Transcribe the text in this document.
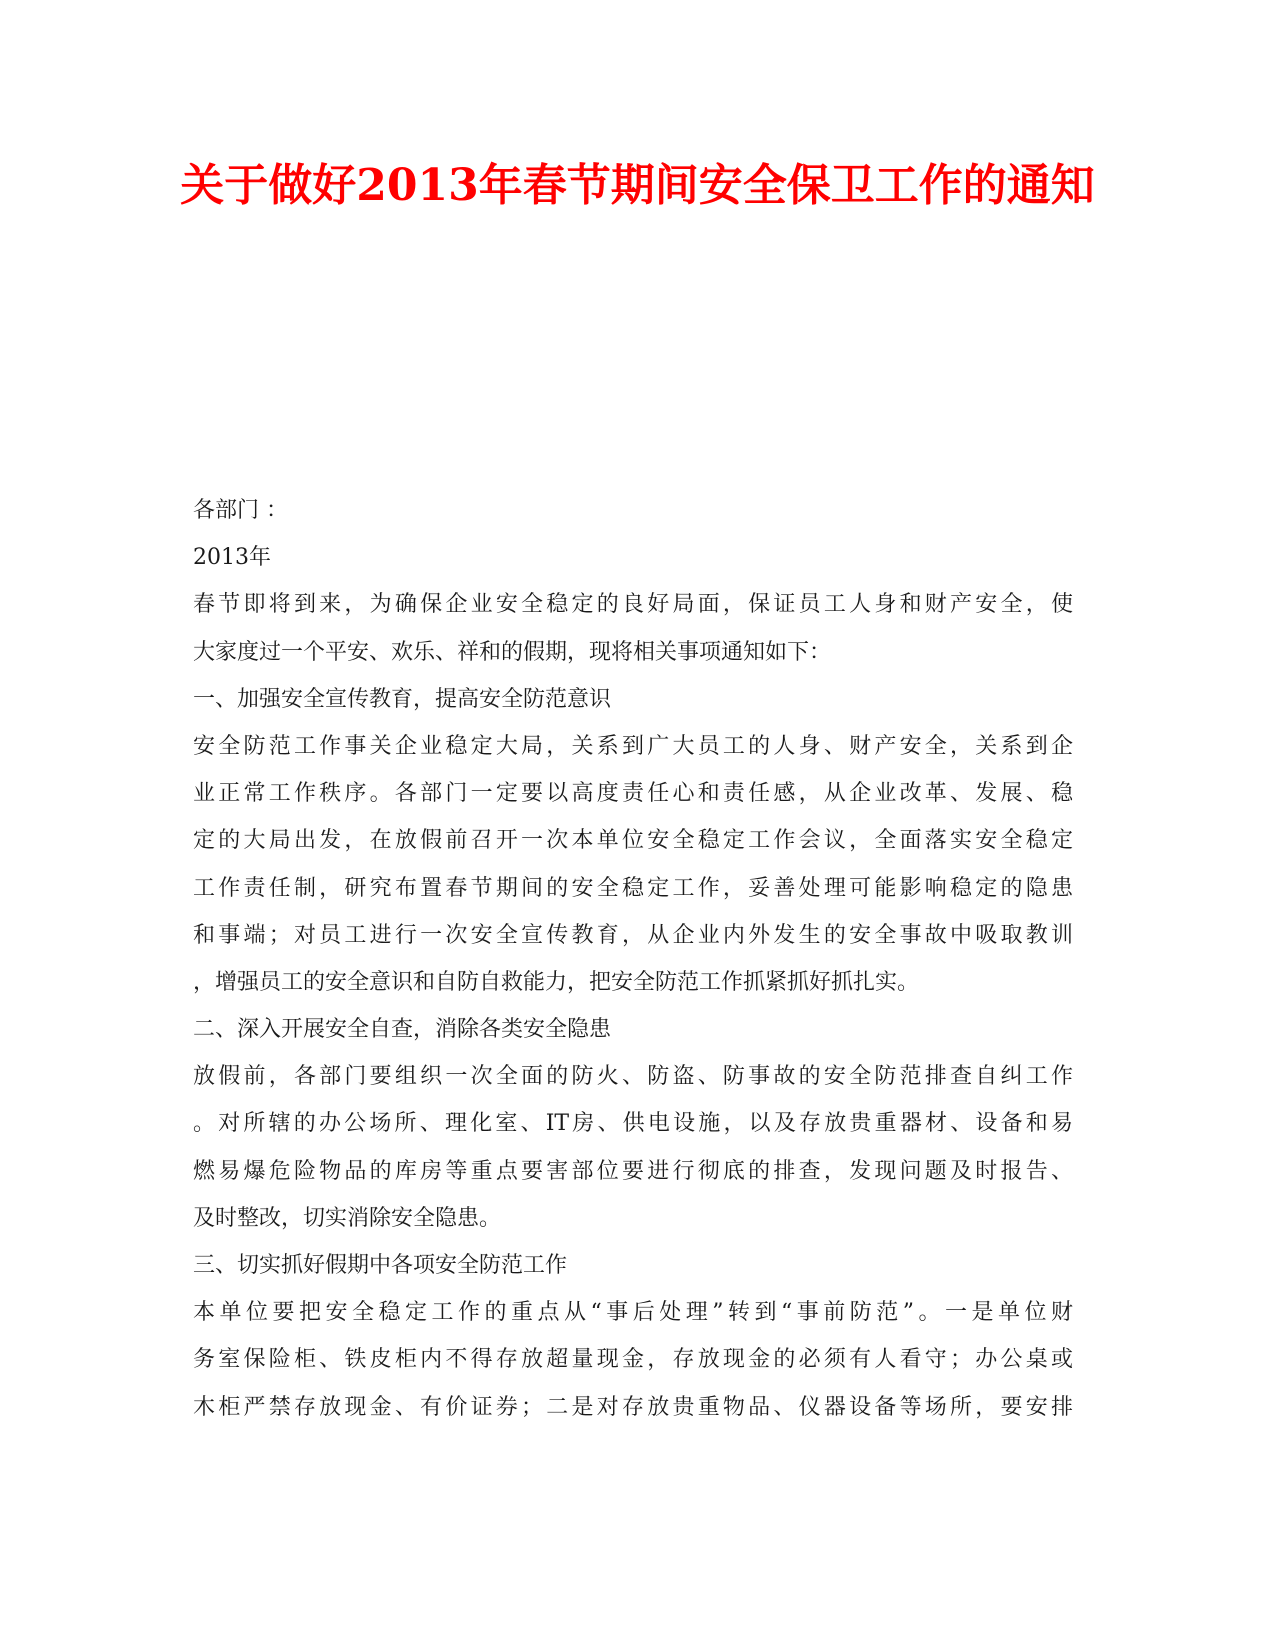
关于做好2013年春节期间安全保卫工作的通知
各部门 ：
2013年
春节即将到来，为确保企业安全稳定的良好局面，保证员工人身和财产安全，使
大家度过一个平安、欢乐、祥和的假期，现将相关事项通知如下：
一、加强安全宣传教育，提高安全防范意识
安全防范工作事关企业稳定大局，关系到广大员工的人身、财产安全，关系到企
业正常工作秩序。各部门一定要以高度责任心和责任感，从企业改革、发展、稳
定的大局出发，在放假前召开一次本单位安全稳定工作会议，全面落实安全稳定
工作责任制，研究布置春节期间的安全稳定工作，妥善处理可能影响稳定的隐患
和事端；对员工进行一次安全宣传教育，从企业内外发生的安全事故中吸取教训
，增强员工的安全意识和自防自救能力，把安全防范工作抓紧抓好抓扎实。
二、深入开展安全自查，消除各类安全隐患
放假前，各部门要组织一次全面的防火、防盗、防事故的安全防范排查自纠工作
。对所辖的办公场所、理化室、IT房、供电设施，以及存放贵重器材、设备和易
燃易爆危险物品的库房等重点要害部位要进行彻底的排查，发现问题及时报告、
及时整改，切实消除安全隐患。
三、切实抓好假期中各项安全防范工作
本单位要把安全稳定工作的重点从“事后处理”转到“事前防范”。一是单位财
务室保险柜、铁皮柜内不得存放超量现金，存放现金的必须有人看守；办公桌或
木柜严禁存放现金、有价证券；二是对存放贵重物品、仪器设备等场所，要安排
